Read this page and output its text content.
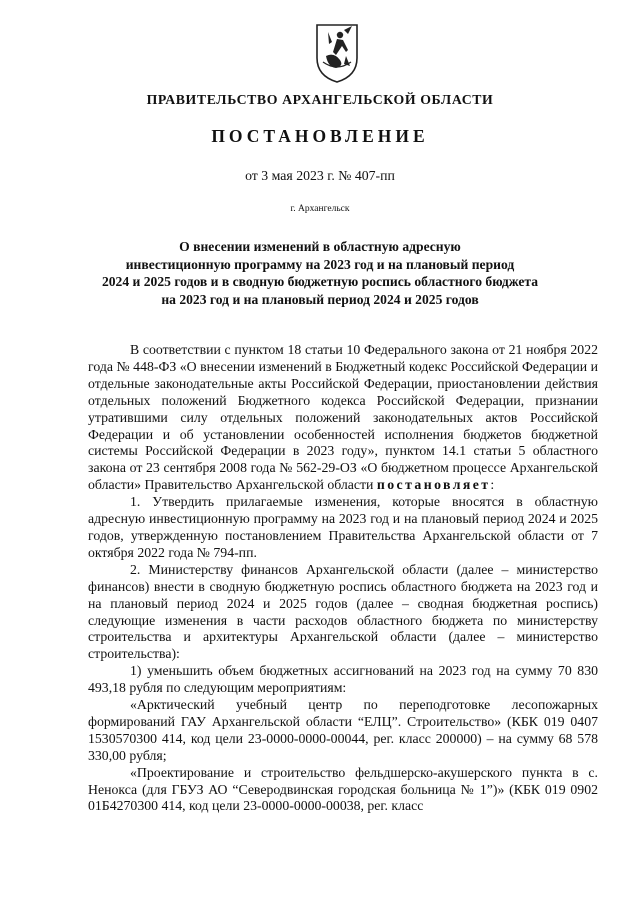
ПРАВИТЕЛЬСТВО АРХАНГЕЛЬСКОЙ ОБЛАСТИ
ПОСТАНОВЛЕНИЕ
от 3 мая 2023 г. № 407-пп
г. Архангельск
О внесении изменений в областную адресную
инвестиционную программу на 2023 год и на плановый период
2024 и 2025 годов и в сводную бюджетную роспись областного бюджета
на 2023 год и на плановый период 2024 и 2025 годов

В соответствии с пунктом 18 статьи 10 Федерального закона от 21 ноября 2022 года № 448-ФЗ «О внесении изменений в Бюджетный кодекс Российской Федерации и отдельные законодательные акты Российской Федерации, приостановлении действия отдельных положений Бюджетного кодекса Российской Федерации, признании утратившими силу отдельных положений законодательных актов Российской Федерации и об установлении особенностей исполнения бюджетов бюджетной системы Российской Федерации в 2023 году», пунктом 14.1 статьи 5 областного закона от 23 сентября 2008 года № 562-29-ОЗ «О бюджетном процессе Архангельской области» Правительство Архангельской области постановляет:

1. Утвердить прилагаемые изменения, которые вносятся в областную адресную инвестиционную программу на 2023 год и на плановый период 2024 и 2025 годов, утвержденную постановлением Правительства Архангельской области от 7 октября 2022 года № 794-пп.

2. Министерству финансов Архангельской области (далее – министерство финансов) внести в сводную бюджетную роспись областного бюджета на 2023 год и на плановый период 2024 и 2025 годов (далее – сводная бюджетная роспись) следующие изменения в части расходов областного бюджета по министерству строительства и архитектуры Архангельской области (далее – министерство строительства):

1) уменьшить объем бюджетных ассигнований на 2023 год на сумму 70 830 493,18 рубля по следующим мероприятиям:

«Арктический учебный центр по переподготовке лесопожарных формирований ГАУ Архангельской области “ЕЛЦ”. Строительство» (КБК 019 0407 1530570300 414, код цели 23-0000-0000-00044, рег. класс 200000) – на сумму 68 578 330,00 рубля;

«Проектирование и строительство фельдшерско-акушерского пункта в с. Ненокса (для ГБУЗ АО “Северодвинская городская больница № 1”)» (КБК 019 0902 01Б4270300 414, код цели 23-0000-0000-00038, рег. класс
